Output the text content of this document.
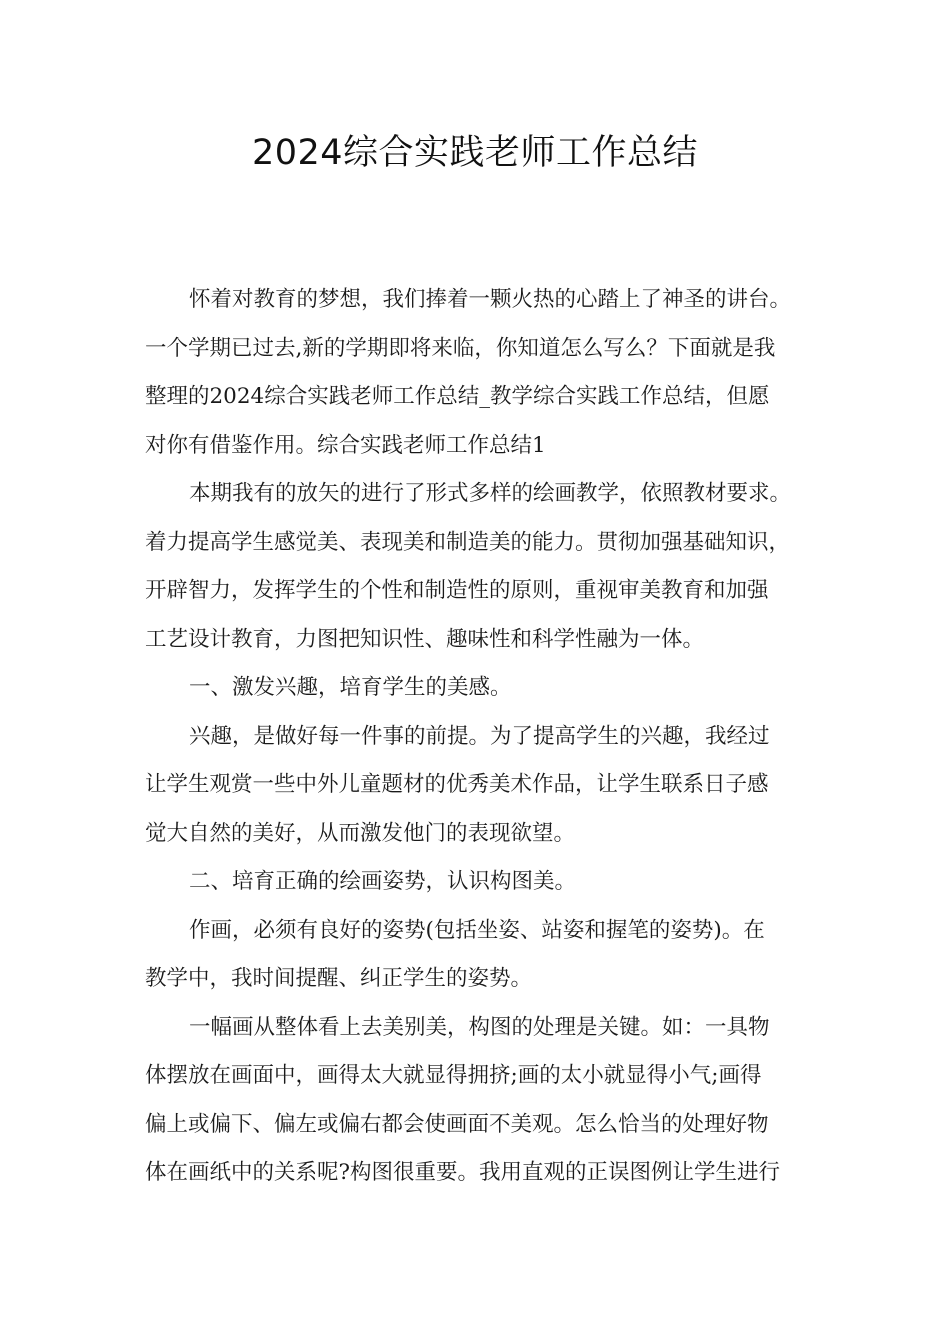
2024综合实践老师工作总结
怀着对教育的梦想，我们捧着一颗火热的心踏上了神圣的讲台。
一个学期已过去,新的学期即将来临，你知道怎么写么？下面就是我
整理的2024综合实践老师工作总结_教学综合实践工作总结，但愿
对你有借鉴作用。综合实践老师工作总结1
本期我有的放矢的进行了形式多样的绘画教学，依照教材要求。
着力提高学生感觉美、表现美和制造美的能力。贯彻加强基础知识，
开辟智力，发挥学生的个性和制造性的原则，重视审美教育和加强
工艺设计教育，力图把知识性、趣味性和科学性融为一体。
一、激发兴趣，培育学生的美感。
兴趣，是做好每一件事的前提。为了提高学生的兴趣，我经过
让学生观赏一些中外儿童题材的优秀美术作品，让学生联系日子感
觉大自然的美好，从而激发他门的表现欲望。
二、培育正确的绘画姿势，认识构图美。
作画，必须有良好的姿势(包括坐姿、站姿和握笔的姿势)。在
教学中，我时间提醒、纠正学生的姿势。
一幅画从整体看上去美别美，构图的处理是关键。如：一具物
体摆放在画面中，画得太大就显得拥挤;画的太小就显得小气;画得
偏上或偏下、偏左或偏右都会使画面不美观。怎么恰当的处理好物
体在画纸中的关系呢?构图很重要。我用直观的正误图例让学生进行
